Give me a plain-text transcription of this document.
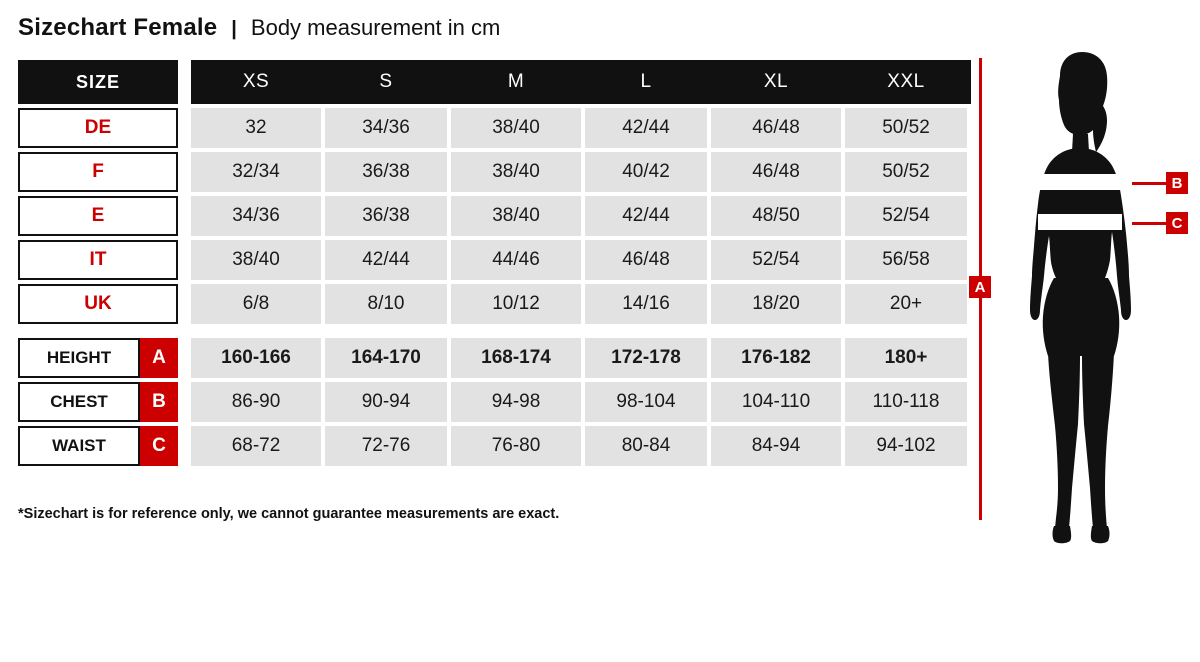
Sizechart Female | Body measurement in cm
SIZE		XS	S	M	L	XL	XXL

DE		32	34/36	38/40	42/44	46/48	50/52

F		32/34	36/38	38/40	40/42	46/48	50/52

E		34/36	36/38	38/40	42/44	48/50	52/54

IT		38/40	42/44	44/46	46/48	52/54	56/58

UK		6/8	8/10	10/12	14/16	18/20	20+

HEIGHT A		160-166	164-170	168-174	172-178	176-182	180+

CHEST B		86-90	90-94	94-98	98-104	104-110	110-118

WAIST C		68-72	72-76	76-80	80-84	84-94	94-102
*Sizechart is for reference only, we cannot guarantee measurements are exact.
A
B
C
